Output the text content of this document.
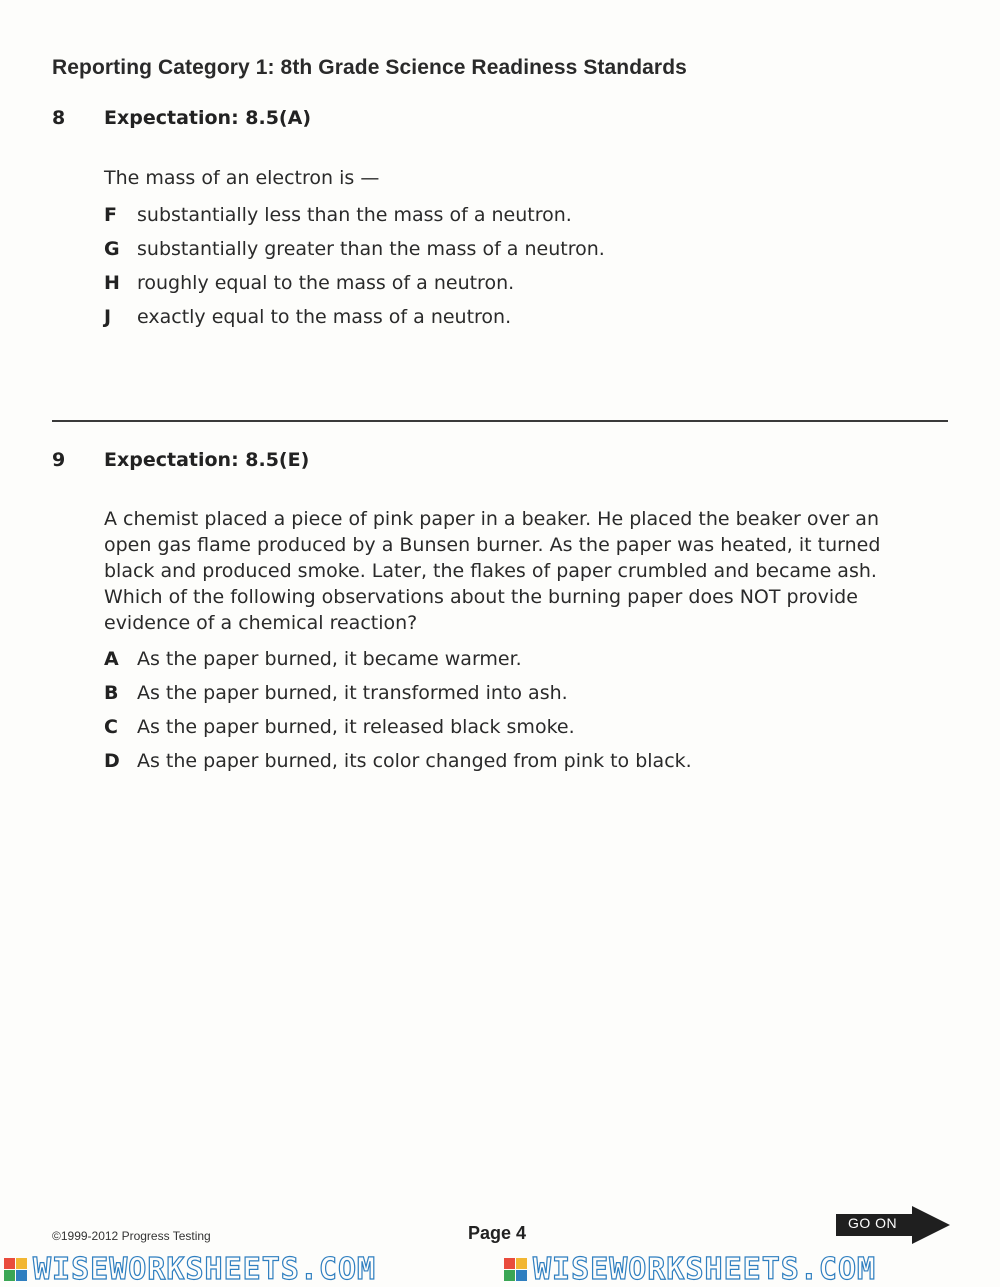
Reporting Category 1: 8th Grade Science Readiness Standards
8 Expectation: 8.5(A)
The mass of an electron is —
F substantially less than the mass of a neutron.
G substantially greater than the mass of a neutron.
H roughly equal to the mass of a neutron.
J exactly equal to the mass of a neutron.
9 Expectation: 8.5(E)
A chemist placed a piece of pink paper in a beaker. He placed the beaker over an open gas flame produced by a Bunsen burner. As the paper was heated, it turned black and produced smoke. Later, the flakes of paper crumbled and became ash. Which of the following observations about the burning paper does NOT provide evidence of a chemical reaction?
A As the paper burned, it became warmer.
B As the paper burned, it transformed into ash.
C As the paper burned, it released black smoke.
D As the paper burned, its color changed from pink to black.
©1999-2012 Progress Testing	Page 4	GO ON
WISEWORKSHEETS.COM	WISEWORKSHEETS.COM
